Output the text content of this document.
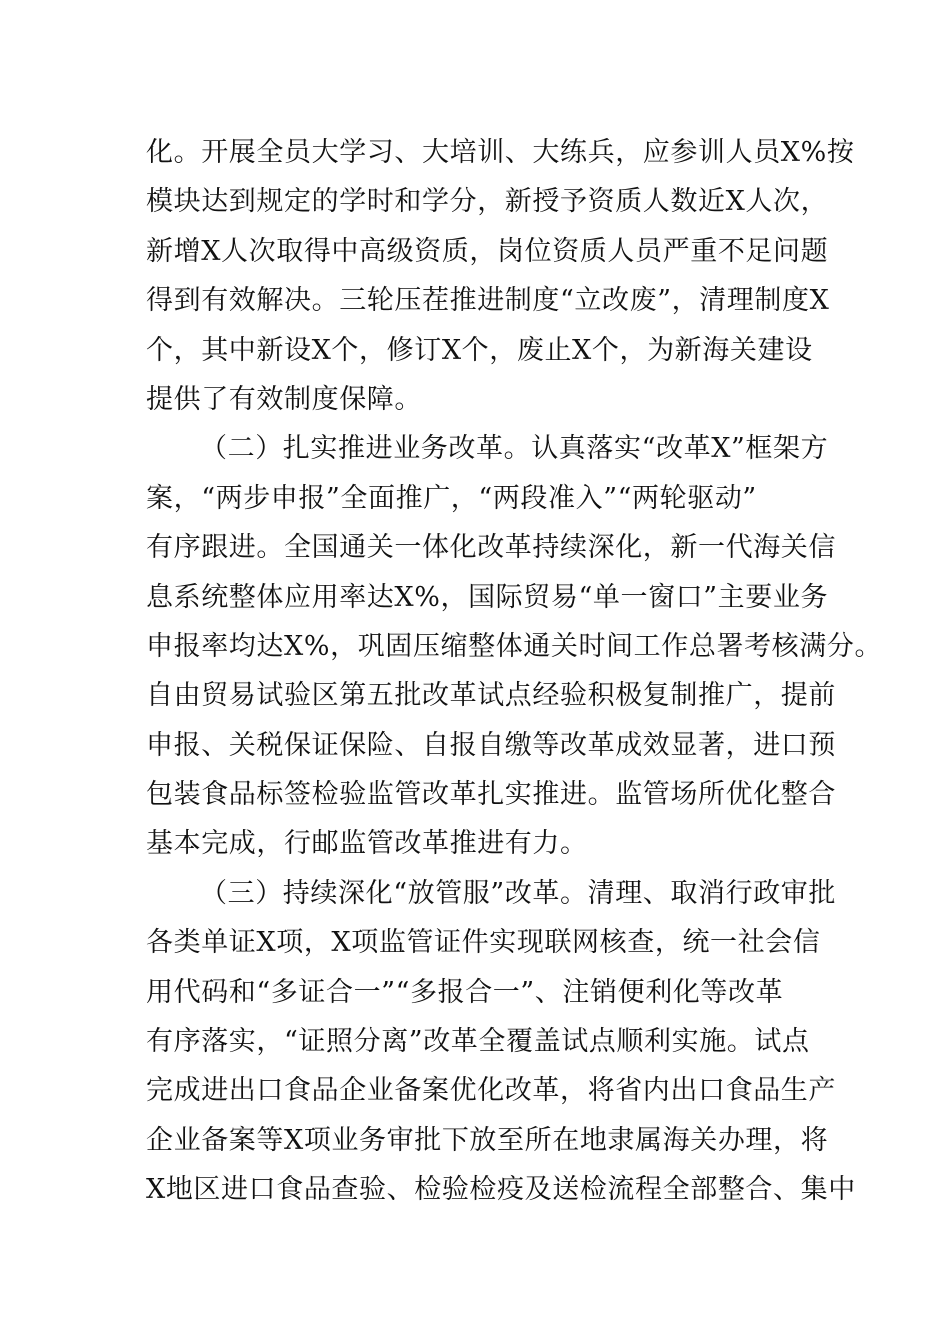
化。开展全员大学习、大培训、大练兵，应参训人员X%按
模块达到规定的学时和学分，新授予资质人数近X人次，
新增X人次取得中高级资质，岗位资质人员严重不足问题
得到有效解决。三轮压茬推进制度“立改废”，清理制度X
个，其中新设X个，修订X个，废止X个，为新海关建设
提供了有效制度保障。
（二）扎实推进业务改革。认真落实“改革X”框架方
案，“两步申报”全面推广，“两段准入”“两轮驱动”
有序跟进。全国通关一体化改革持续深化，新一代海关信
息系统整体应用率达X%，国际贸易“单一窗口”主要业务
申报率均达X%，巩固压缩整体通关时间工作总署考核满分。
自由贸易试验区第五批改革试点经验积极复制推广，提前
申报、关税保证保险、自报自缴等改革成效显著，进口预
包装食品标签检验监管改革扎实推进。监管场所优化整合
基本完成，行邮监管改革推进有力。
（三）持续深化“放管服”改革。清理、取消行政审批
各类单证X项，X项监管证件实现联网核查，统一社会信
用代码和“多证合一”“多报合一”、注销便利化等改革
有序落实，“证照分离”改革全覆盖试点顺利实施。试点
完成进出口食品企业备案优化改革，将省内出口食品生产
企业备案等X项业务审批下放至所在地隶属海关办理，将
X地区进口食品查验、检验检疫及送检流程全部整合、集中
